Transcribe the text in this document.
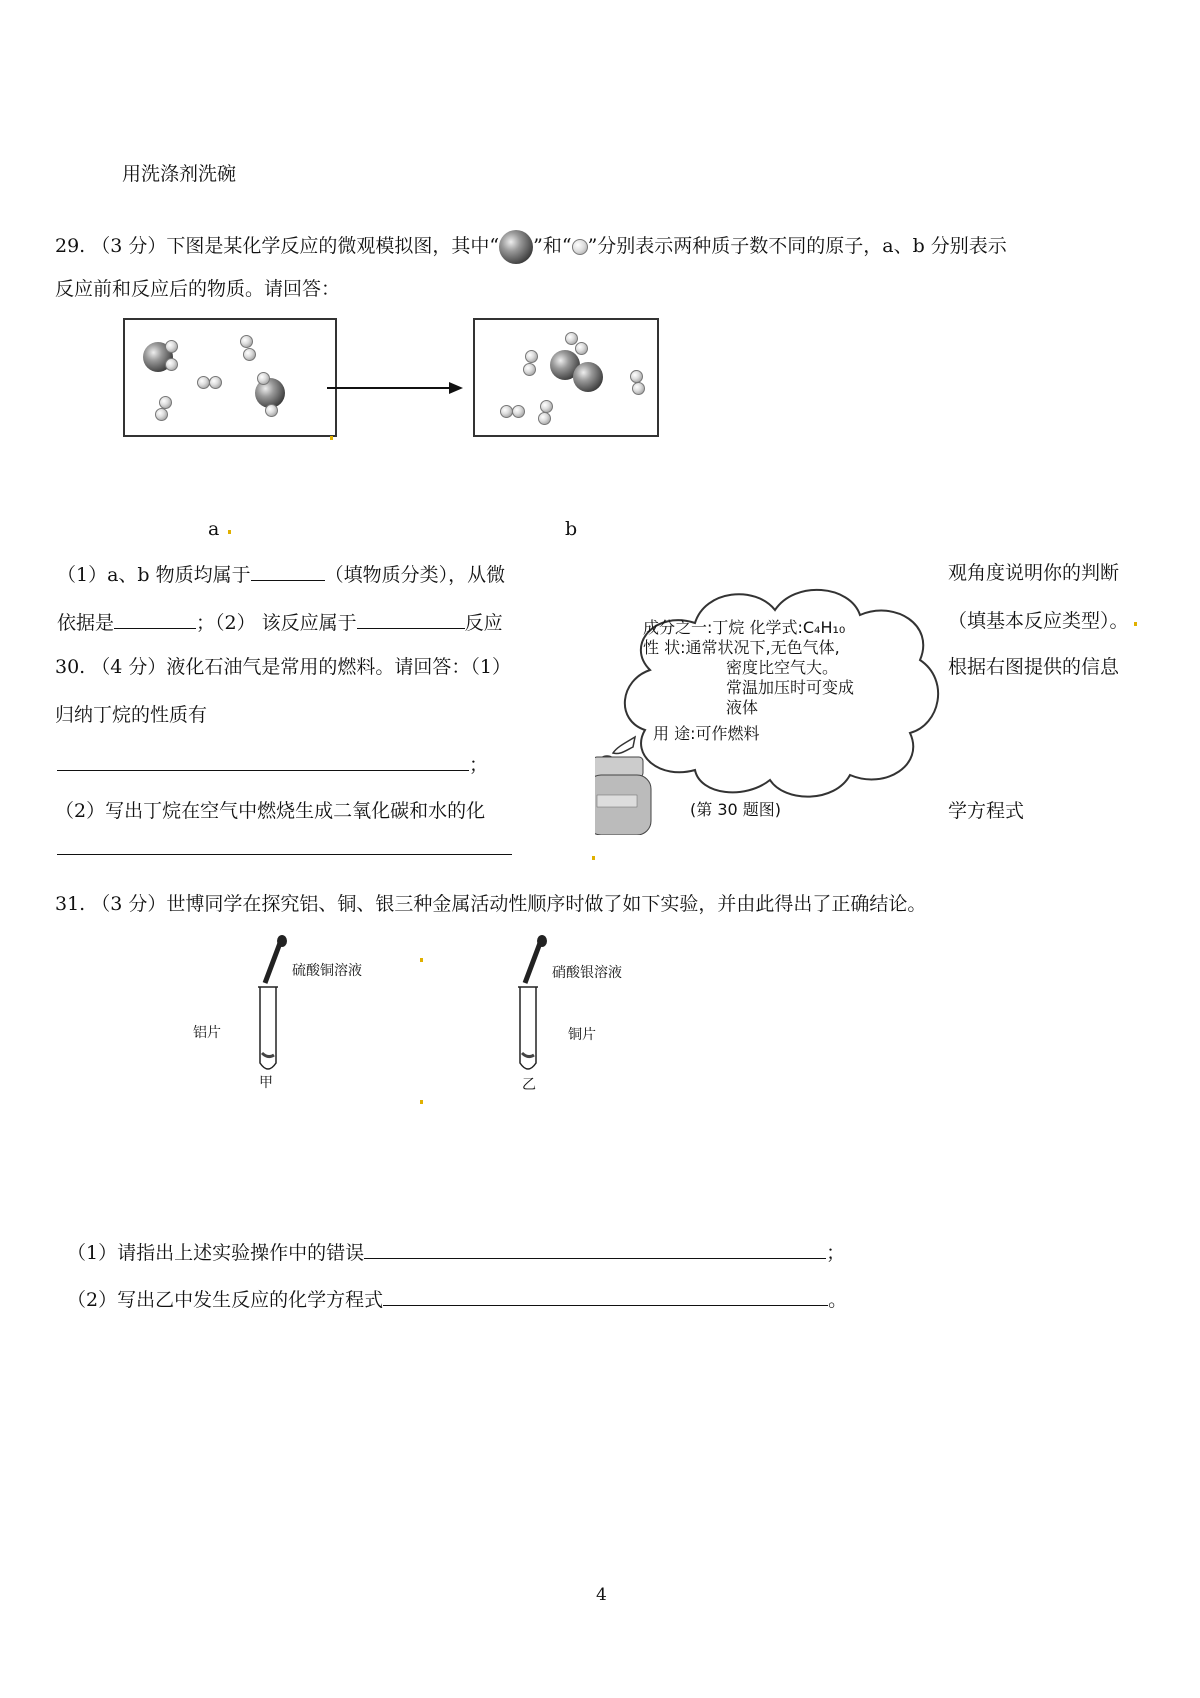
用洗涤剂洗碗
29. （3 分）下图是某化学反应的微观模拟图，其中“ ”和“ ”分别表示两种质子数不同的原子，a、b 分别表示
反应前和反应后的物质。请回答：
a	b
（1）a、b 物质均属于	（填物质分类），从微	观角度说明你的判断
依据是	；（2） 该反应属于	反应	（填基本反应类型）。
30. （4 分）液化石油气是常用的燃料。请回答：（1）	根据右图提供的信息
归纳丁烷的性质有
；
（2）写出丁烷在空气中燃烧生成二氧化碳和水的化	学方程式
成分之一:丁烷 化学式:C₄H₁₀
性 状:通常状况下,无色气体,
密度比空气大。
常温加压时可变成
液体
用 途:可作燃料
(第 30 题图)
31. （3 分）世博同学在探究铝、铜、银三种金属活动性顺序时做了如下实验，并由此得出了正确结论。
硫酸铜溶液
铝片
甲
硝酸银溶液
铜片
乙
（1）请指出上述实验操作中的错误	；
（2）写出乙中发生反应的化学方程式	。
4
